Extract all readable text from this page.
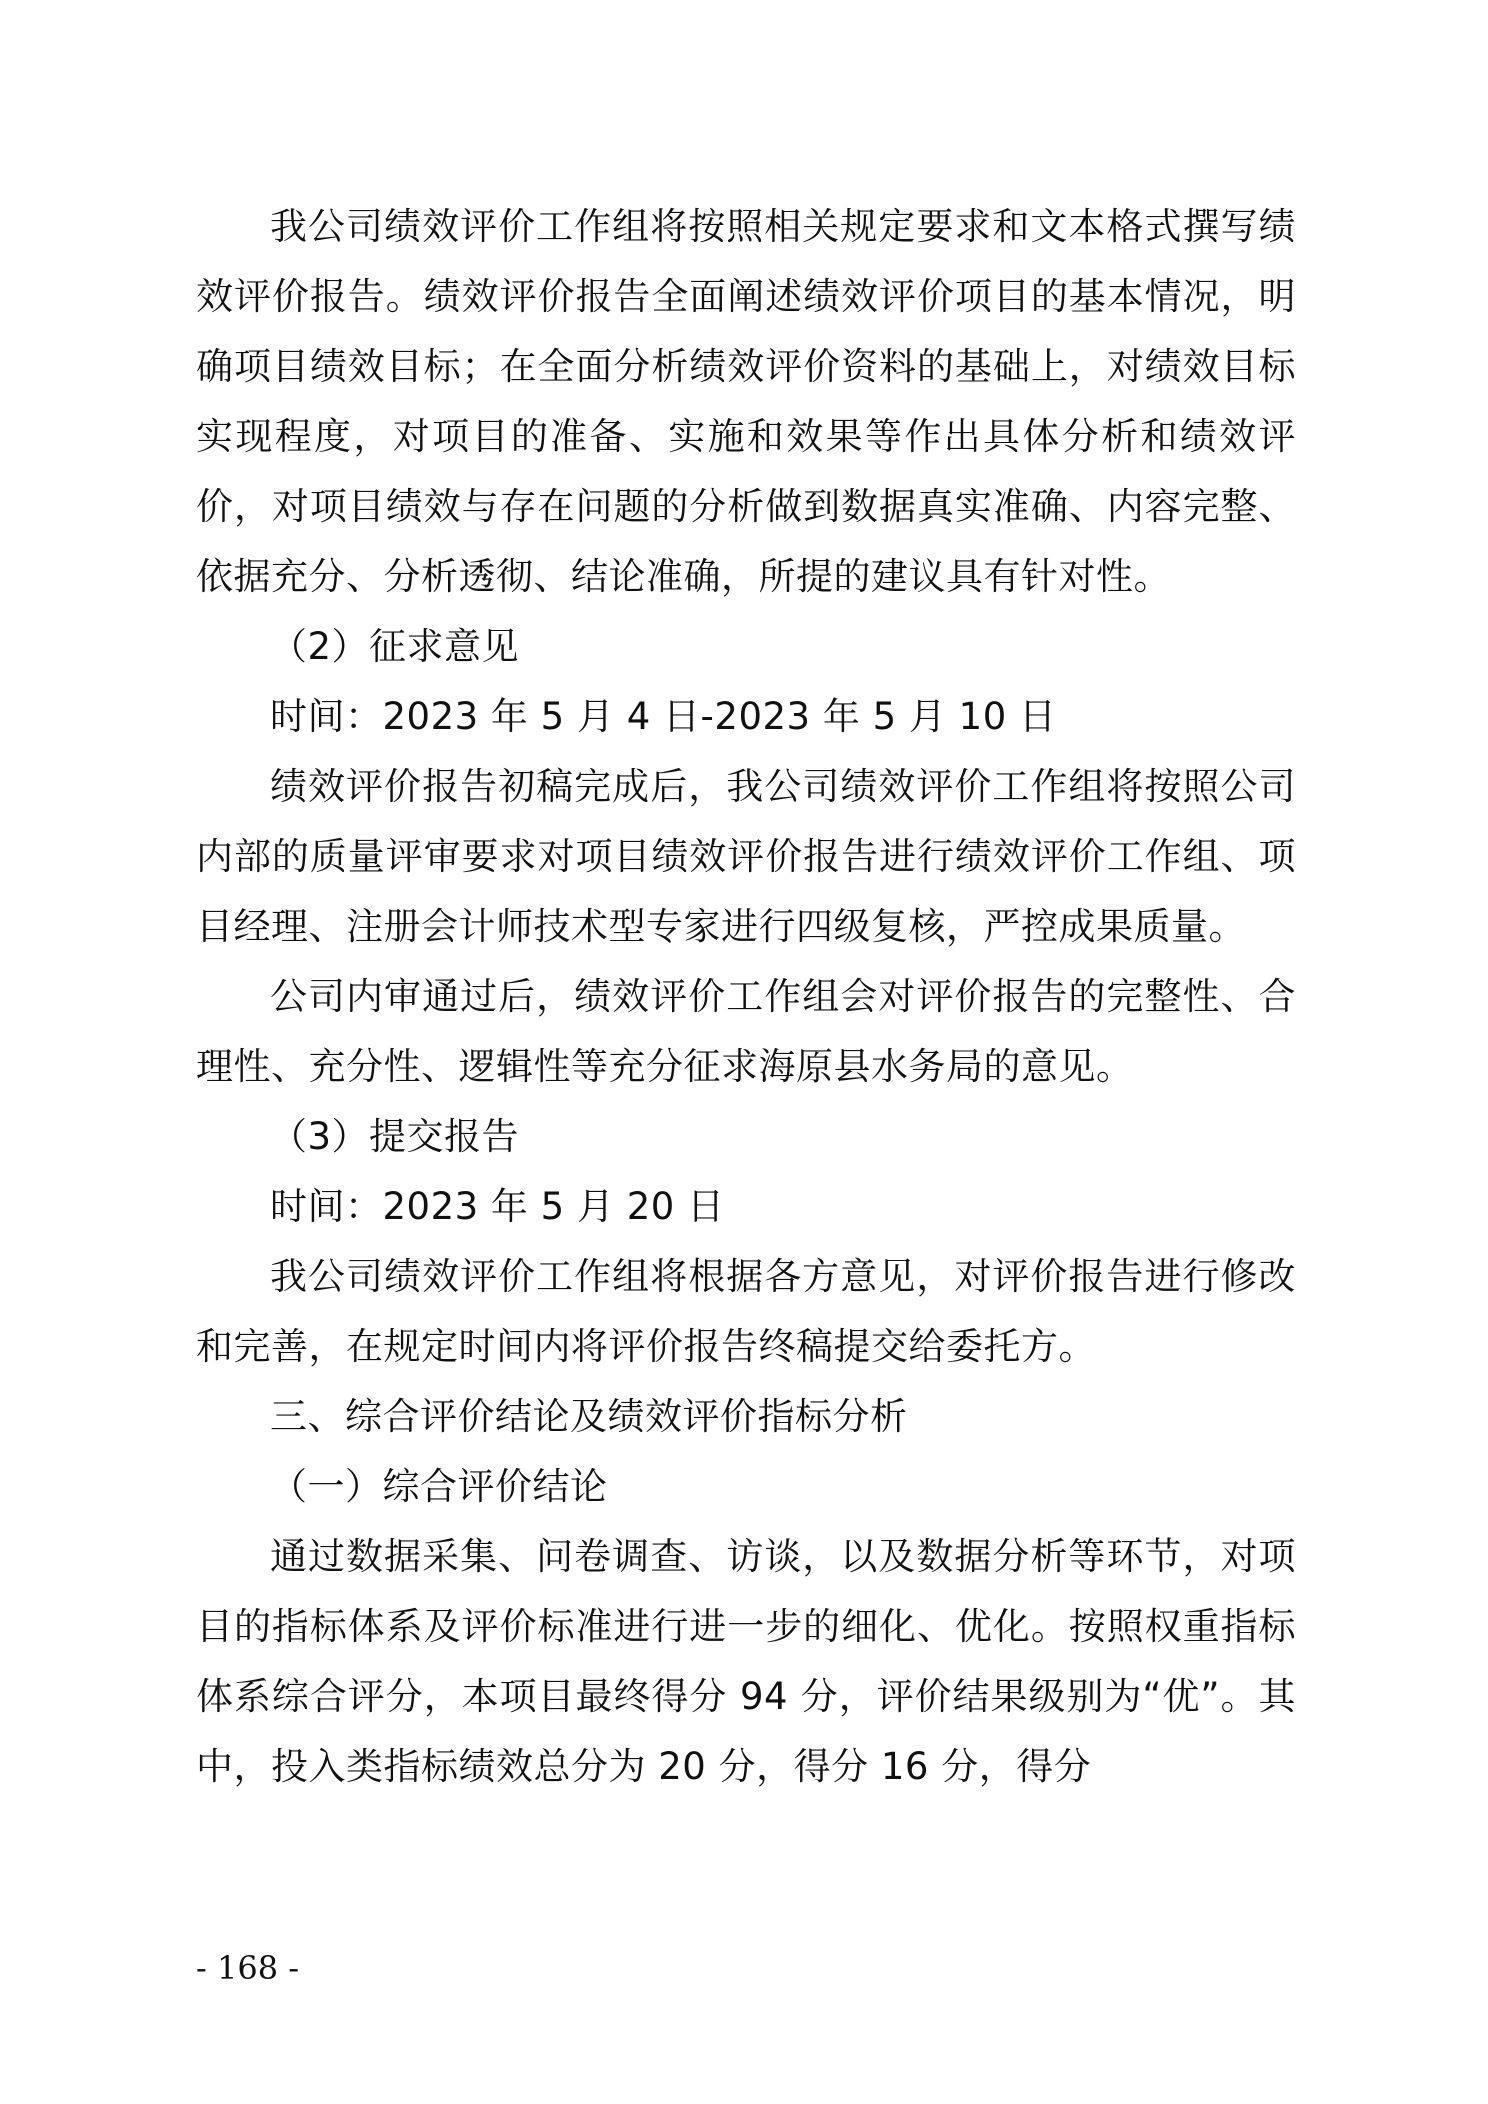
我公司绩效评价工作组将按照相关规定要求和文本格式撰写绩效评价报告。绩效评价报告全面阐述绩效评价项目的基本情况，明确项目绩效目标；在全面分析绩效评价资料的基础上，对绩效目标实现程度，对项目的准备、实施和效果等作出具体分析和绩效评价，对项目绩效与存在问题的分析做到数据真实准确、内容完整、依据充分、分析透彻、结论准确，所提的建议具有针对性。

（2）征求意见

时间：2023 年 5 月 4 日-2023 年 5 月 10 日

绩效评价报告初稿完成后，我公司绩效评价工作组将按照公司内部的质量评审要求对项目绩效评价报告进行绩效评价工作组、项目经理、注册会计师技术型专家进行四级复核，严控成果质量。

公司内审通过后，绩效评价工作组会对评价报告的完整性、合理性、充分性、逻辑性等充分征求海原县水务局的意见。

（3）提交报告

时间：2023 年 5 月 20 日

我公司绩效评价工作组将根据各方意见，对评价报告进行修改和完善，在规定时间内将评价报告终稿提交给委托方。

三、综合评价结论及绩效评价指标分析

（一）综合评价结论

通过数据采集、问卷调查、访谈，以及数据分析等环节，对项目的指标体系及评价标准进行进一步的细化、优化。按照权重指标体系综合评分，本项目最终得分 94 分，评价结果级别为“优”。其中，投入类指标绩效总分为 20 分，得分 16 分，得分

- 168 -
